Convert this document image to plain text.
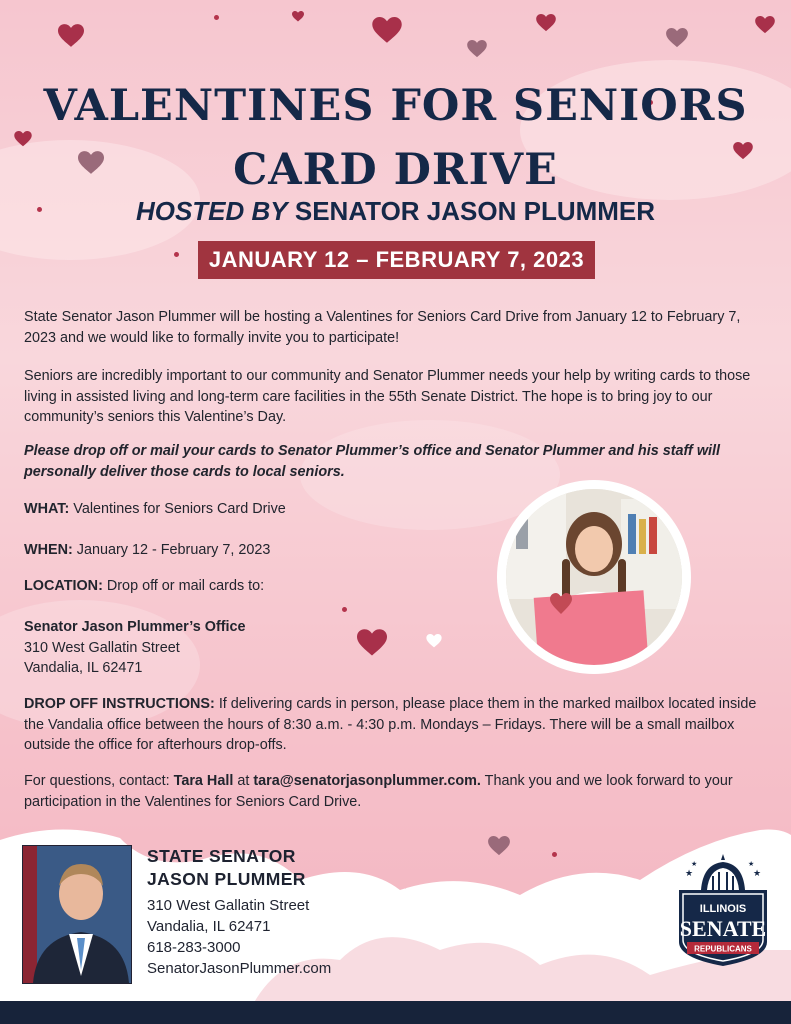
VALENTINES FOR SENIORS
CARD DRIVE
HOSTED BY SENATOR JASON PLUMMER
JANUARY 12 – FEBRUARY 7, 2023

State Senator Jason Plummer will be hosting a Valentines for Seniors Card Drive from January 12 to February 7, 2023 and we would like to formally invite you to participate!

Seniors are incredibly important to our community and Senator Plummer needs your help by writing cards to those living in assisted living and long-term care facilities in the 55th Senate District. The hope is to bring joy to our community’s seniors this Valentine’s Day.

Please drop off or mail your cards to Senator Plummer’s office and Senator Plummer and his staff will personally deliver those cards to local seniors.

WHAT: Valentines for Seniors Card Drive
WHEN: January 12 - February 7, 2023
LOCATION: Drop off or mail cards to:
Senator Jason Plummer’s Office
310 West Gallatin Street
Vandalia, IL 62471

DROP OFF INSTRUCTIONS: If delivering cards in person, please place them in the marked mailbox located inside the Vandalia office between the hours of 8:30 a.m. - 4:30 p.m. Mondays – Fridays. There will be a small mailbox outside the office for afterhours drop-offs.

For questions, contact: Tara Hall at tara@senatorjasonplummer.com. Thank you and we look forward to your participation in the Valentines for Seniors Card Drive.

STATE SENATOR
JASON PLUMMER
310 West Gallatin Street
Vandalia, IL 62471
618-283-3000
SenatorJasonPlummer.com
★	★
★	★
ILLINOIS
SENATE
REPUBLICANS
